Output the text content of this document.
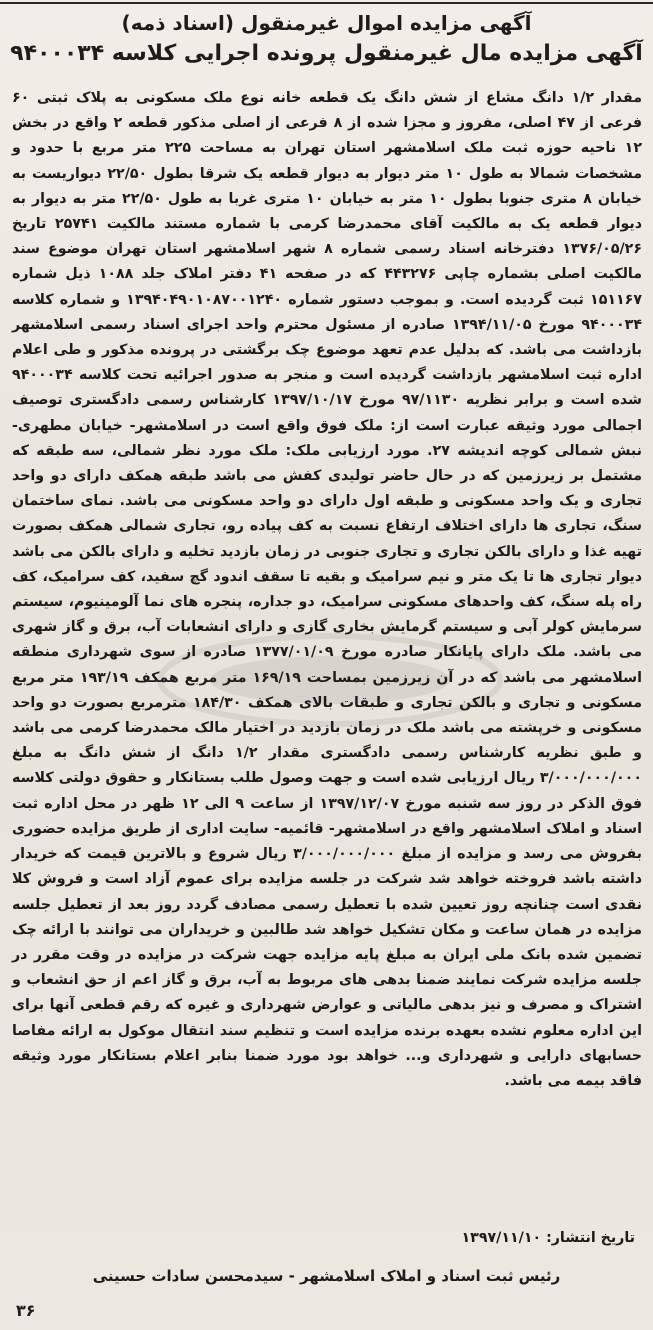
آگهی مزایده اموال غیرمنقول (اسناد ذمه)
آگهی مزایده مال غیرمنقول پرونده اجرایی کلاسه ۹۴۰۰۰۳۴

مقدار ۱/۲ دانگ مشاع از شش دانگ یک قطعه خانه نوع ملک مسکونی به پلاک ثبتی ۶۰ فرعی از ۴۷ اصلی، مفروز و مجزا شده از ۸ فرعی از اصلی مذکور قطعه ۲ واقع در بخش ۱۲ ناحیه حوزه ثبت ملک اسلامشهر استان تهران به مساحت ۲۲۵ متر مربع با حدود و مشخصات شمالا به طول ۱۰ متر دیوار به دیوار قطعه یک شرقا بطول ۲۲/۵۰ دیواریست به خیابان ۸ متری جنوبا بطول ۱۰ متر به خیابان ۱۰ متری غربا به طول ۲۲/۵۰ متر به دیوار به دیوار قطعه یک به مالکیت آقای محمدرضا کرمی با شماره مستند مالکیت ۲۵۷۴۱ تاریخ ۱۳۷۶/۰۵/۲۶ دفترخانه اسناد رسمی شماره ۸ شهر اسلامشهر استان تهران موضوع سند مالکیت اصلی بشماره چاپی ۴۴۳۲۷۶ که در صفحه ۴۱ دفتر املاک جلد ۱۰۸۸ ذیل شماره ۱۵۱۱۶۷ ثبت گردیده است. و بموجب دستور شماره ۱۳۹۴۰۴۹۰۱۰۸۷۰۰۱۲۴۰ و شماره کلاسه ۹۴۰۰۰۳۴ مورخ ۱۳۹۴/۱۱/۰۵ صادره از مسئول محترم واحد اجرای اسناد رسمی اسلامشهر بازداشت می باشد. که بدلیل عدم تعهد موضوع چک برگشتی در پرونده مذکور و طی اعلام اداره ثبت اسلامشهر بازداشت گردیده است و منجر به صدور اجرائیه تحت کلاسه ۹۴۰۰۰۳۴ شده است و برابر نظریه ۹۷/۱۱۳۰ مورخ ۱۳۹۷/۱۰/۱۷ کارشناس رسمی دادگستری توصیف اجمالی مورد وثیقه عبارت است از: ملک فوق واقع است در اسلامشهر- خیابان مطهری- نبش شمالی کوچه اندیشه ۲۷. مورد ارزیابی ملک: ملک مورد نظر شمالی، سه طبقه که مشتمل بر زیرزمین که در حال حاضر تولیدی کفش می باشد طبقه همکف دارای دو واحد تجاری و یک واحد مسکونی و طبقه اول دارای دو واحد مسکونی می باشد. نمای ساختمان سنگ، تجاری ها دارای اختلاف ارتفاع نسبت به کف پیاده رو، تجاری شمالی همکف بصورت تهیه غذا و دارای بالکن تجاری و تجاری جنوبی در زمان بازدید تخلیه و دارای بالکن می باشد دیوار تجاری ها تا یک متر و نیم سرامیک و بقیه تا سقف اندود گچ سفید، کف سرامیک، کف راه پله سنگ، کف واحدهای مسکونی سرامیک، دو جداره، پنجره های نما آلومینیوم، سیستم سرمایش کولر آبی و سیستم گرمایش بخاری گازی و دارای انشعابات آب، برق و گاز شهری می باشد. ملک دارای پایانکار صادره مورخ ۱۳۷۷/۰۱/۰۹ صادره از سوی شهرداری منطقه اسلامشهر می باشد که در آن زیرزمین بمساحت ۱۶۹/۱۹ متر مربع همکف ۱۹۳/۱۹ متر مربع مسکونی و تجاری و بالکن تجاری و طبقات بالای همکف ۱۸۴/۳۰ مترمربع بصورت دو واحد مسکونی و خرپشته می باشد ملک در زمان بازدید در اختیار مالک محمدرضا کرمی می باشد و طبق نظریه کارشناس رسمی دادگستری مقدار ۱/۲ دانگ از شش دانگ به مبلغ ۳/۰۰۰/۰۰۰/۰۰۰ ریال ارزیابی شده است و جهت وصول طلب بستانکار و حقوق دولتی کلاسه فوق الذکر در روز سه شنبه مورخ ۱۳۹۷/۱۲/۰۷ از ساعت ۹ الی ۱۲ ظهر در محل اداره ثبت اسناد و املاک اسلامشهر واقع در اسلامشهر- قائمیه- سایت اداری از طریق مزایده حضوری بفروش می رسد و مزایده از مبلغ ۳/۰۰۰/۰۰۰/۰۰۰ ریال شروع و بالاترین قیمت که خریدار داشته باشد فروخته خواهد شد شرکت در جلسه مزایده برای عموم آزاد است و فروش کلا نقدی است چنانچه روز تعیین شده با تعطیل رسمی مصادف گردد روز بعد از تعطیل جلسه مزایده در همان ساعت و مکان تشکیل خواهد شد طالبین و خریداران می توانند با ارائه چک تضمین شده بانک ملی ایران به مبلغ پایه مزایده جهت شرکت در مزایده در وقت مقرر در جلسه مزایده شرکت نمایند ضمنا بدهی های مربوط به آب، برق و گاز اعم از حق انشعاب و اشتراک و مصرف و نیز بدهی مالیاتی و عوارض شهرداری و غیره که رقم قطعی آنها برای این اداره معلوم نشده بعهده برنده مزایده است و تنظیم سند انتقال موکول به ارائه مفاصا حسابهای دارایی و شهرداری و... خواهد بود مورد ضمنا بنابر اعلام بستانکار مورد وثیقه فاقد بیمه می باشد.

تاریخ انتشار: ۱۳۹۷/۱۱/۱۰
رئیس ثبت اسناد و املاک اسلامشهر - سیدمحسن سادات حسینی
۳۶
